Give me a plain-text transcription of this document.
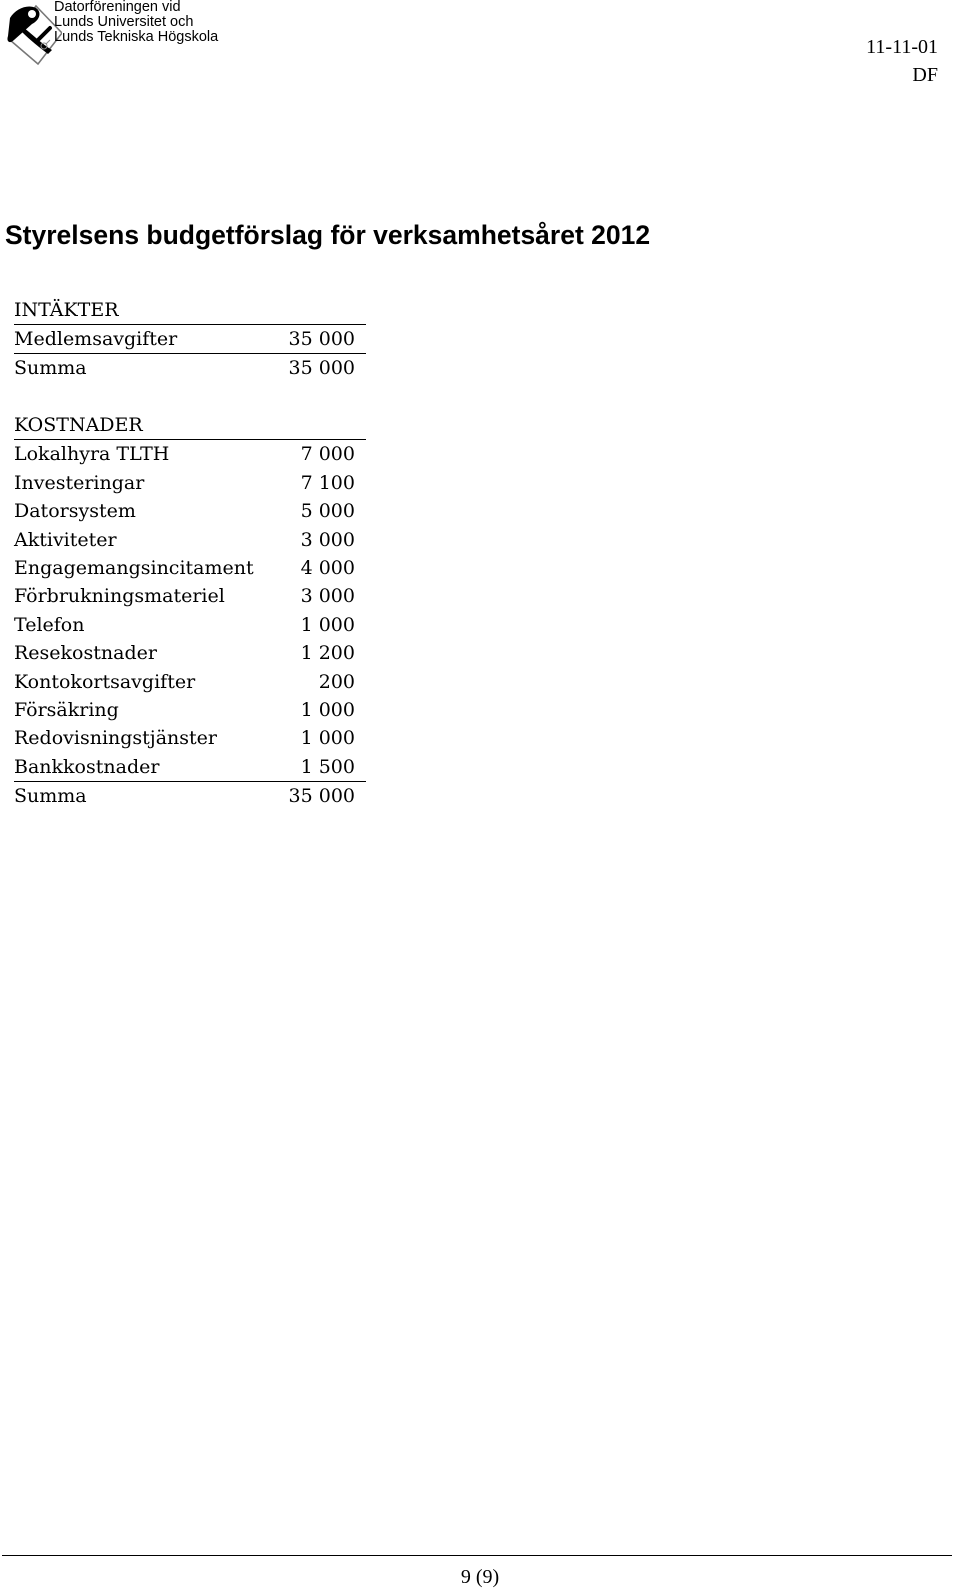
Datorföreningen vid
Lunds Universitet och
Lunds Tekniska Högskola	11-11-01
DF
Styrelsens budgetförslag för verksamhetsåret 2012
INTÄKTER
Medlemsavgifter	35 000
Summa	35 000
KOSTNADER
Lokalhyra TLTH	7 000
Investeringar	7 100
Datorsystem	5 000
Aktiviteter	3 000
Engagemangsincitament 4 000
Förbrukningsmateriel	3 000
Telefon	1 000
Resekostnader	1 200
Kontokortsavgifter	200
Försäkring	1 000
Redovisningstjänster	1 000
Bankkostnader	1 500
Summa	35 000
9 (9)
